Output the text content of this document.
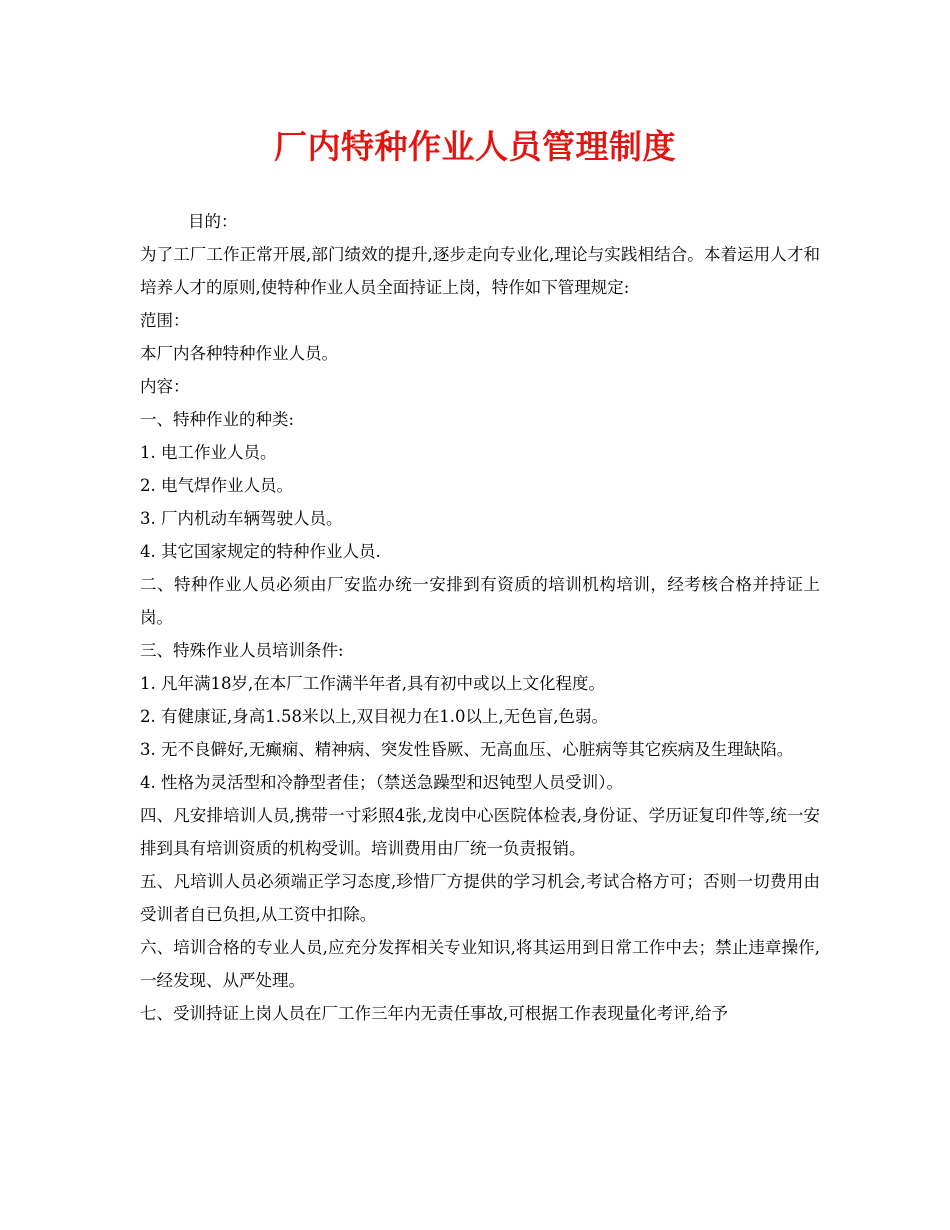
厂内特种作业人员管理制度

目的：

为了工厂工作正常开展,部门绩效的提升,逐步走向专业化,理论与实践相结合。本着运用人才和培养人才的原则,使特种作业人员全面持证上岗，特作如下管理规定:

范围：

本厂内各种特种作业人员。

内容：

一、特种作业的种类:

1. 电工作业人员。

2. 电气焊作业人员。

3. 厂内机动车辆驾驶人员。

4. 其它国家规定的特种作业人员.

二、特种作业人员必须由厂安监办统一安排到有资质的培训机构培训，经考核合格并持证上岗。

三、特殊作业人员培训条件:

1. 凡年满18岁,在本厂工作满半年者,具有初中或以上文化程度。

2. 有健康证,身高1.58米以上,双目视力在1.0以上,无色盲,色弱。

3. 无不良僻好,无癫痫、精神病、突发性昏厥、无高血压、心脏病等其它疾病及生理缺陷。

4. 性格为灵活型和冷静型者佳；（禁送急躁型和迟钝型人员受训）。

四、凡安排培训人员,携带一寸彩照4张,龙岗中心医院体检表,身份证、学历证复印件等,统一安排到具有培训资质的机构受训。培训费用由厂统一负责报销。

五、凡培训人员必须端正学习态度,珍惜厂方提供的学习机会,考试合格方可；否则一切费用由受训者自已负担,从工资中扣除。

六、培训合格的专业人员,应充分发挥相关专业知识,将其运用到日常工作中去；禁止违章操作,一经发现、从严处理。

七、受训持证上岗人员在厂工作三年内无责任事故,可根据工作表现量化考评,给予
